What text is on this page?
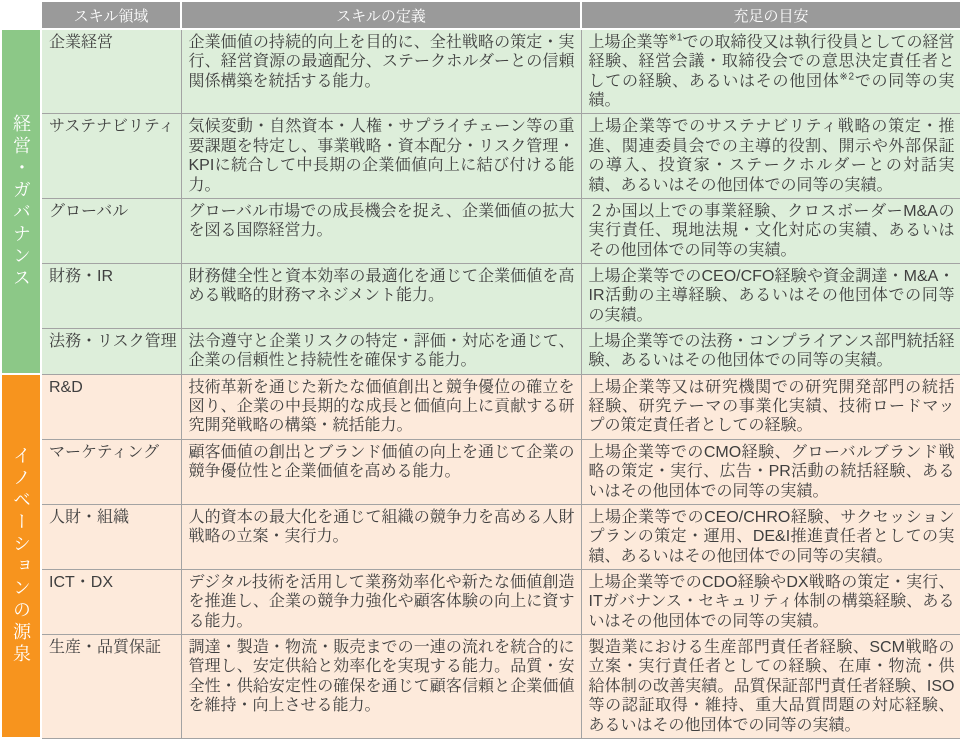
	スキル領域	スキルの定義	充足の目安
経営・ガバナンス	企業経営	企業価値の持続的向上を目的に、全社戦略の策定・実行、経営資源の最適配分、ステークホルダーとの信頼関係構築を統括する能力。	上場企業等$^{※1}$での取締役又は執行役員としての経営経験、経営会議・取締役会での意思決定責任者としての経験、あるいはその他団体$^{※2}$での同等の実績。
	サステナビリティ	気候変動・自然資本・人権・サプライチェーン等の重要課題を特定し、事業戦略・資本配分・リスク管理・KPIに統合して中長期の企業価値向上に結び付ける能力。	上場企業等でのサステナビリティ戦略の策定・推進、関連委員会での主導的役割、開示や外部保証の導入、投資家・ステークホルダーとの対話実績、あるいはその他団体での同等の実績。
	グローバル	グローバル市場での成長機会を捉え、企業価値の拡大を図る国際経営力。	２か国以上での事業経験、クロスボーダーM&Aの実行責任、現地法規・文化対応の実績、あるいはその他団体での同等の実績。
	財務・IR	財務健全性と資本効率の最適化を通じて企業価値を高める戦略的財務マネジメント能力。	上場企業等でのCEO/CFO経験や資金調達・M&A・IR活動の主導経験、あるいはその他団体での同等の実績。
	法務・リスク管理	法令遵守と企業リスクの特定・評価・対応を通じて、企業の信頼性と持続性を確保する能力。	上場企業等での法務・コンプライアンス部門統括経験、あるいはその他団体での同等の実績。
イノベーションの源泉	R&D	技術革新を通じた新たな価値創出と競争優位の確立を図り、企業の中長期的な成長と価値向上に貢献する研究開発戦略の構築・統括能力。	上場企業等又は研究機関での研究開発部門の統括経験、研究テーマの事業化実績、技術ロードマップの策定責任者としての経験。
	マーケティング	顧客価値の創出とブランド価値の向上を通じて企業の競争優位性と企業価値を高める能力。	上場企業等でのCMO経験、グローバルブランド戦略の策定・実行、広告・PR活動の統括経験、あるいはその他団体での同等の実績。
	人財・組織	人的資本の最大化を通じて組織の競争力を高める人財戦略の立案・実行力。	上場企業等でのCEO/CHRO経験、サクセッションプランの策定・運用、DE&I推進責任者としての実績、あるいはその他団体での同等の実績。
	ICT・DX	デジタル技術を活用して業務効率化や新たな価値創造を推進し、企業の競争力強化や顧客体験の向上に資する能力。	上場企業等でのCDO経験やDX戦略の策定・実行、ITガバナンス・セキュリティ体制の構築経験、あるいはその他団体での同等の実績。
	生産・品質保証	調達・製造・物流・販売までの一連の流れを統合的に管理し、安定供給と効率化を実現する能力。品質・安全性・供給安定性の確保を通じて顧客信頼と企業価値を維持・向上させる能力。	製造業における生産部門責任者経験、SCM戦略の立案・実行責任者としての経験、在庫・物流・供給体制の改善実績。品質保証部門責任者経験、ISO等の認証取得・維持、重大品質問題の対応経験、あるいはその他団体での同等の実績。
